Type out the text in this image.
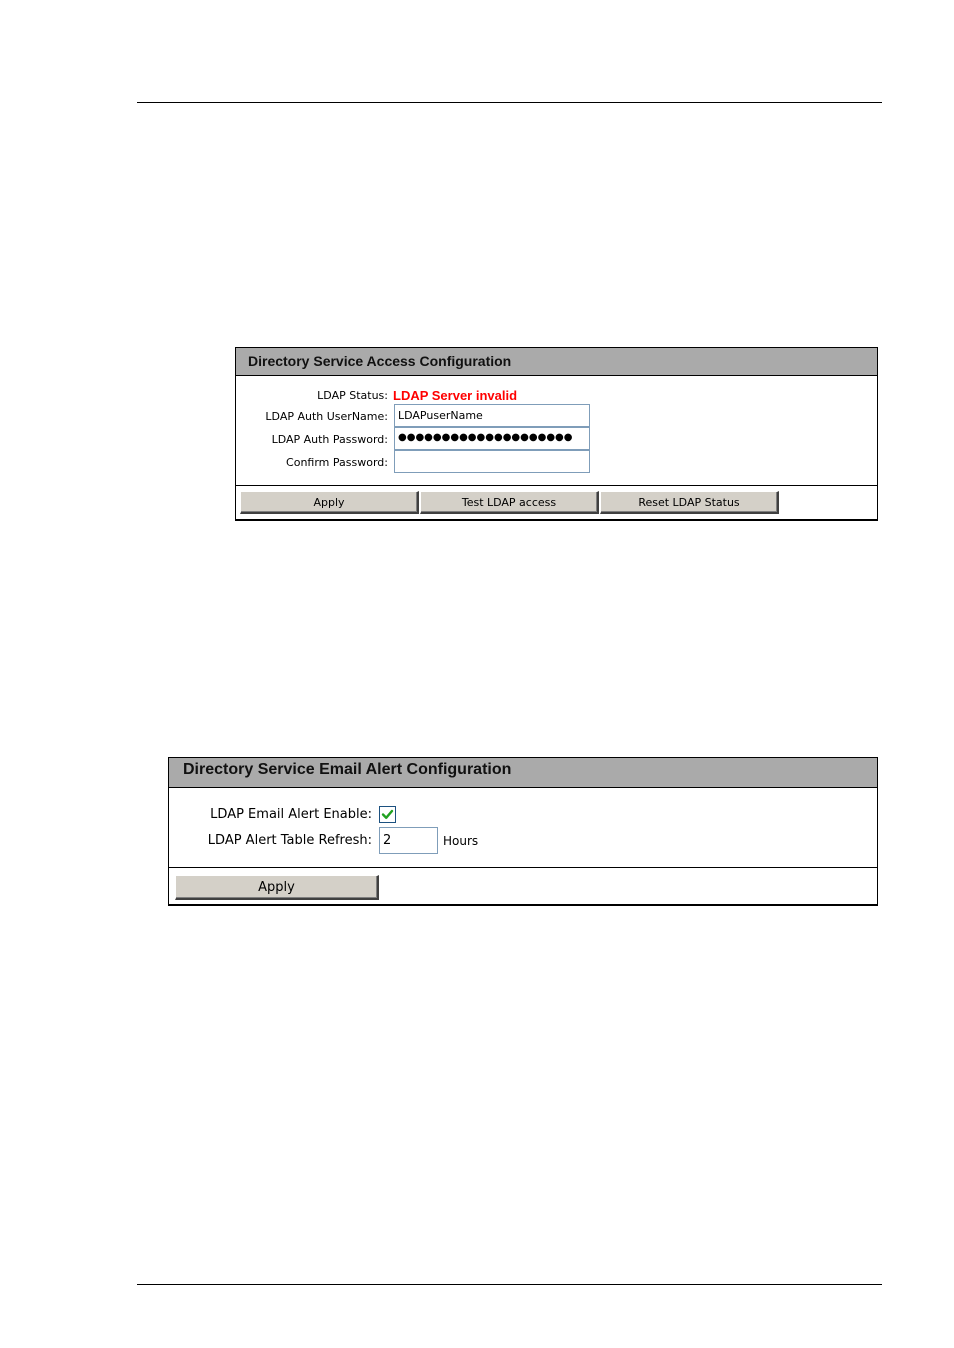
Directory Service Access Configuration
LDAP Status: LDAP Server invalid
LDAP Auth UserName:
LDAPuserName
LDAP Auth Password:	●●●●●●●●●●●●●●●●●●●●
Confirm Password:
Apply	Test LDAP access	Reset LDAP Status
Directory Service Email Alert Configuration
LDAP Email Alert Enable:
LDAP Alert Table Refresh:
2	Hours
Apply
